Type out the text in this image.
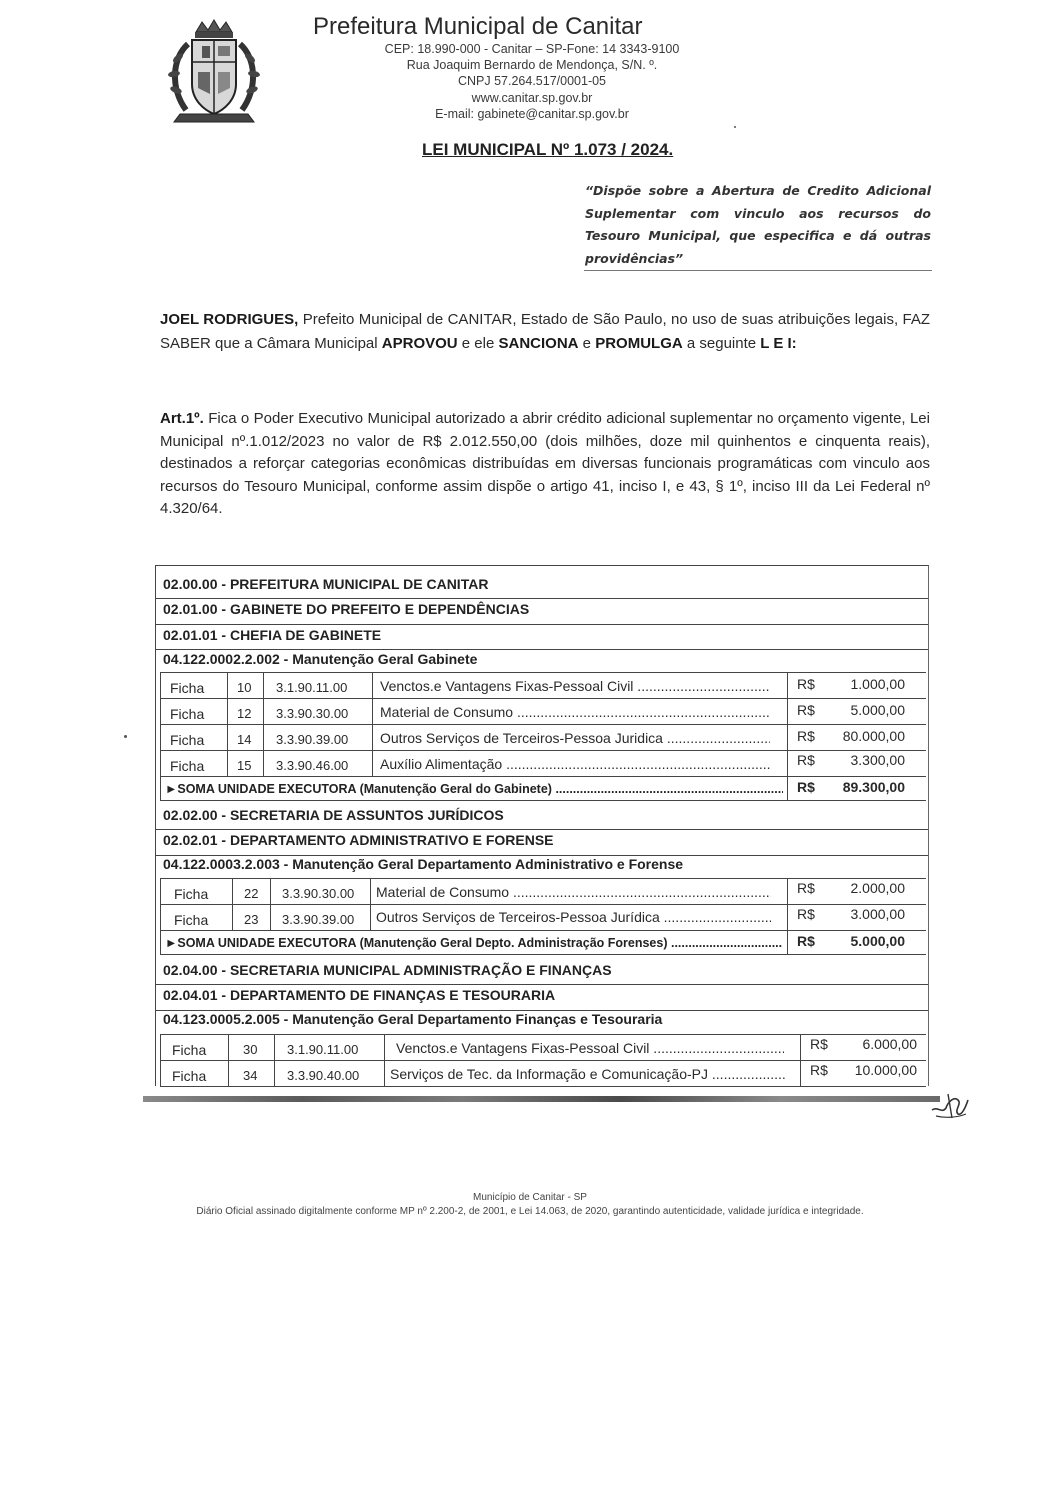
Prefeitura Municipal de Canitar
CEP: 18.990-000 - Canitar – SP-Fone: 14 3343-9100
Rua Joaquim Bernardo de Mendonça, S/N. º.
CNPJ 57.264.517/0001-05
www.canitar.sp.gov.br
E-mail: gabinete@canitar.sp.gov.br
LEI MUNICIPAL Nº 1.073 / 2024.
“Dispõe sobre a Abertura de Credito Adicional Suplementar com vinculo aos recursos do Tesouro Municipal, que especifica e dá outras providências”
JOEL RODRIGUES, Prefeito Municipal de CANITAR, Estado de São Paulo, no uso de suas atribuições legais, FAZ SABER que a Câmara Municipal APROVOU e ele SANCIONA e PROMULGA a seguinte L E I:
Art.1º. Fica o Poder Executivo Municipal autorizado a abrir crédito adicional suplementar no orçamento vigente, Lei Municipal nº.1.012/2023 no valor de R$ 2.012.550,00 (dois milhões, doze mil quinhentos e cinquenta reais), destinados a reforçar categorias econômicas distribuídas em diversas funcionais programáticas com vinculo aos recursos do Tesouro Municipal, conforme assim dispõe o artigo 41, inciso I, e 43, § 1º, inciso III da Lei Federal nº 4.320/64.
02.00.00 - PREFEITURA MUNICIPAL DE CANITAR
02.01.00 - GABINETE DO PREFEITO E DEPENDÊNCIAS
02.01.01 - CHEFIA DE GABINETE
04.122.0002.2.002 - Manutenção Geral Gabinete
Ficha	10 3.1.90.11.00 Venctos.e Vantagens Fixas-Pessoal Civil .....	R$	1.000,00
Ficha	12 3.3.90.30.00 Material de Consumo .....	R$	5.000,00
Ficha	14 3.3.90.39.00 Outros Serviços de Terceiros-Pessoa Juridica .....	R$	80.000,00
Ficha	15 3.3.90.46.00 Auxílio Alimentação .....	R$	3.300,00
►SOMA UNIDADE EXECUTORA (Manutenção Geral do Gabinete) .....	R$	89.300,00
02.02.00 - SECRETARIA DE ASSUNTOS JURÍDICOS
02.02.01 - DEPARTAMENTO ADMINISTRATIVO E FORENSE
04.122.0003.2.003 - Manutenção Geral Departamento Administrativo e Forense
Ficha	22 3.3.90.30.00 Material de Consumo .....	R$	2.000,00
Ficha	23 3.3.90.39.00 Outros Serviços de Terceiros-Pessoa Jurídica .....	R$	3.000,00
►SOMA UNIDADE EXECUTORA (Manutenção Geral Depto. Administração Forenses) .....	R$	5.000,00
02.04.00 - SECRETARIA MUNICIPAL ADMINISTRAÇÃO E FINANÇAS
02.04.01 - DEPARTAMENTO DE FINANÇAS E TESOURARIA
04.123.0005.2.005 - Manutenção Geral Departamento Finanças e Tesouraria
Ficha	30 3.1.90.11.00	Venctos.e Vantagens Fixas-Pessoal Civil .....	R$	6.000,00
Ficha	34 3.3.90.40.00 Serviços de Tec. da Informação e Comunicação-PJ .....	R$	10.000,00
Município de Canitar - SP
Diário Oficial assinado digitalmente conforme MP nº 2.200-2, de 2001, e Lei 14.063, de 2020, garantindo autenticidade, validade jurídica e integridade.
